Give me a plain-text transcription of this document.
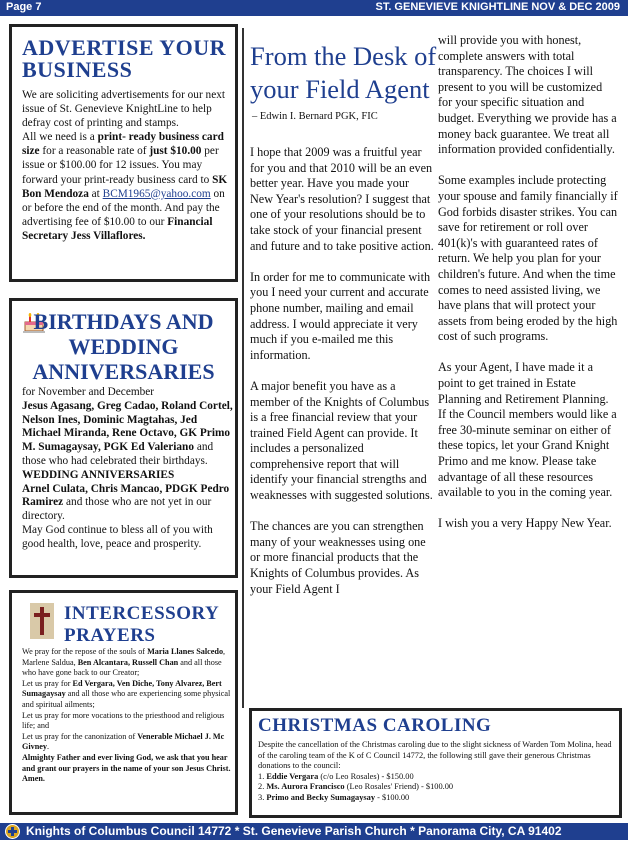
Page 7	ST. GENEVIEVE KNIGHTLINE NOV & DEC 2009
ADVERTISE YOUR BUSINESS

We are soliciting advertisements for our next issue of St. Genevieve KnightLine to help defray cost of printing and stamps.

All we need is a print- ready business card size for a reasonable rate of just $10.00 per issue or $100.00 for 12 issues. You may forward your print-ready business card to SK Bon Mendoza at BCM1965@yahoo.com on or before the end of the month. And pay the advertising fee of $10.00 to our Financial Secretary Jess Villaflores.

BIRTHDAYS AND WEDDING ANNIVERSARIES

for November and December

Jesus Agasang, Greg Cadao, Roland Cortel, Nelson Ines, Dominic Magtahas, Jed Michael Miranda, Rene Octavo, GK Primo M. Sumagaysay, PGK Ed Valeriano and those who had celebrated their birthdays.

WEDDING ANNIVERSARIES

Arnel Culata, Chris Mancao, PDGK Pedro Ramirez and those who are not yet in our directory.

May God continue to bless all of you with good health, love, peace and prosperity.

INTERCESSORY PRAYERS

We pray for the repose of the souls of Maria Llanes Salcedo, Marlene Saldua, Ben Alcantara, Russell Chan and all those who have gone back to our Creator;

Let us pray for Ed Vergara, Ven Diche, Tony Alvarez, Bert Sumagaysay and all those who are experiencing some physical and spiritual ailments;

Let us pray for more vocations to the priesthood and religious life; and

Let us pray for the canonization of Venerable Michael J. Mc Givney.

Almighty Father and ever living God, we ask that you hear and grant our prayers in the name of your son Jesus Christ. Amen.

From the Desk of your Field Agent
– Edwin I. Bernard PGK, FIC

I hope that 2009 was a fruitful year for you and that 2010 will be an even better year. Have you made your New Year's resolution? I suggest that one of your resolutions should be to take stock of your financial present and future and to take positive action.

In order for me to communicate with you I need your current and accurate phone number, mailing and email address. I would appreciate it very much if you e-mailed me this information.

A major benefit you have as a member of the Knights of Columbus is a free financial review that your trained Field Agent can provide. It includes a personalized comprehensive report that will identify your financial strengths and weaknesses with suggested solutions.

The chances are you can strengthen many of your weaknesses using one or more financial products that the Knights of Columbus provides. As your Field Agent I

will provide you with honest, complete answers with total transparency. The choices I will present to you will be customized for your specific situation and budget. Everything we provide has a money back guarantee. We treat all information provided confidentially.

Some examples include protecting your spouse and family financially if God forbids disaster strikes. You can save for retirement or roll over 401(k)'s with guaranteed rates of return. We help you plan for your children's future. And when the time comes to need assisted living, we have plans that will protect your assets from being eroded by the high cost of such programs.

As your Agent, I have made it a point to get trained in Estate Planning and Retirement Planning. If the Council members would like a free 30-minute seminar on either of these topics, let your Grand Knight Primo and me know. Please take advantage of all these resources available to you in the coming year.

I wish you a very Happy New Year.

CHRISTMAS CAROLING

Despite the cancellation of the Christmas caroling due to the slight sickness of Warden Tom Molina, head of the caroling team of the K of C Council 14772, the following still gave their generous Christmas donations to the council:

1. Eddie Vergara (c/o Leo Rosales) - $150.00

2. Ms. Aurora Francisco (Leo Rosales' Friend) - $100.00

3. Primo and Becky Sumagaysay - $100.00

Knights of Columbus Council 14772 * St. Genevieve Parish Church * Panorama City, CA 91402
